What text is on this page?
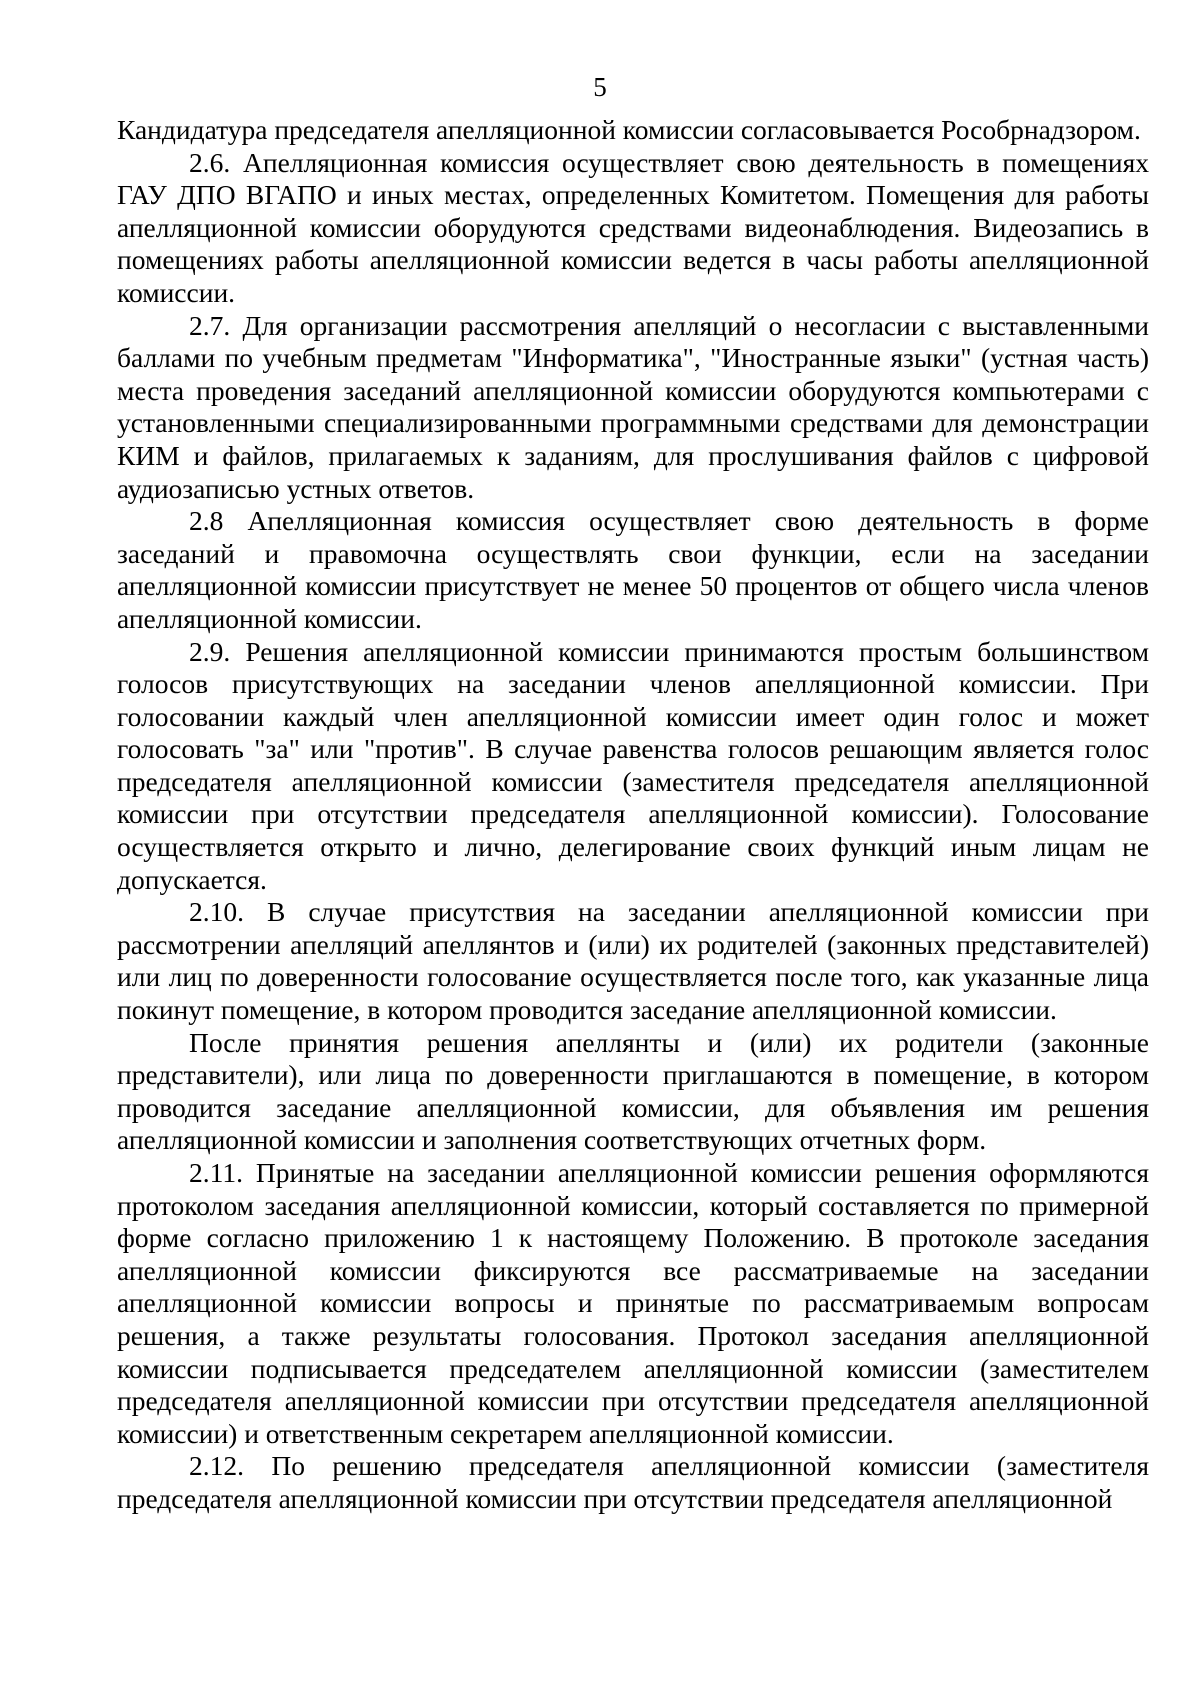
5

Кандидатура председателя апелляционной комиссии согласовывается Рособрнадзором.

2.6. Апелляционная комиссия осуществляет свою деятельность в помещениях ГАУ ДПО ВГАПО и иных местах, определенных Комитетом. Помещения для работы апелляционной комиссии оборудуются средствами видеонаблюдения. Видеозапись в помещениях работы апелляционной комиссии ведется в часы работы апелляционной комиссии.

2.7. Для организации рассмотрения апелляций о несогласии с выставленными баллами по учебным предметам "Информатика", "Иностранные языки" (устная часть) места проведения заседаний апелляционной комиссии оборудуются компьютерами с установленными специализированными программными средствами для демонстрации КИМ и файлов, прилагаемых к заданиям, для прослушивания файлов с цифровой аудиозаписью устных ответов.

2.8 Апелляционная комиссия осуществляет свою деятельность в форме заседаний и правомочна осуществлять свои функции, если на заседании апелляционной комиссии присутствует не менее 50 процентов от общего числа членов апелляционной комиссии.

2.9. Решения апелляционной комиссии принимаются простым большинством голосов присутствующих на заседании членов апелляционной комиссии. При голосовании каждый член апелляционной комиссии имеет один голос и может голосовать "за" или "против". В случае равенства голосов решающим является голос председателя апелляционной комиссии (заместителя председателя апелляционной комиссии при отсутствии председателя апелляционной комиссии). Голосование осуществляется открыто и лично, делегирование своих функций иным лицам не допускается.

2.10. В случае присутствия на заседании апелляционной комиссии при рассмотрении апелляций апеллянтов и (или) их родителей (законных представителей) или лиц по доверенности голосование осуществляется после того, как указанные лица покинут помещение, в котором проводится заседание апелляционной комиссии.

После принятия решения апеллянты и (или) их родители (законные представители), или лица по доверенности приглашаются в помещение, в котором проводится заседание апелляционной комиссии, для объявления им решения апелляционной комиссии и заполнения соответствующих отчетных форм.

2.11. Принятые на заседании апелляционной комиссии решения оформляются протоколом заседания апелляционной комиссии, который составляется по примерной форме согласно приложению 1 к настоящему Положению. В протоколе заседания апелляционной комиссии фиксируются все рассматриваемые на заседании апелляционной комиссии вопросы и принятые по рассматриваемым вопросам решения, а также результаты голосования. Протокол заседания апелляционной комиссии подписывается председателем апелляционной комиссии (заместителем председателя апелляционной комиссии при отсутствии председателя апелляционной комиссии) и ответственным секретарем апелляционной комиссии.

2.12. По решению председателя апелляционной комиссии (заместителя председателя апелляционной комиссии при отсутствии председателя апелляционной
